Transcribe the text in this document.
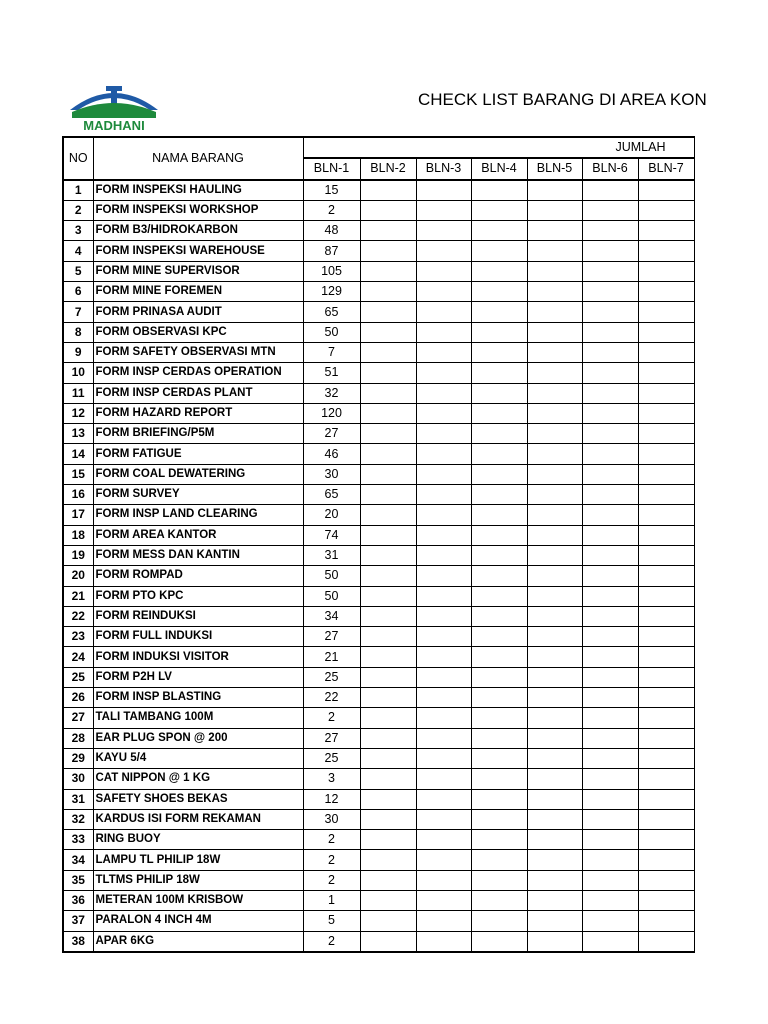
MADHANI
CHECK LIST BARANG DI AREA KON
NO	NAMA BARANG	JUMLAH						
		BLN-1	BLN-2	BLN-3	BLN-4	BLN-5	BLN-6	BLN-7
1	FORM INSPEKSI HAULING	15						
2	FORM INSPEKSI WORKSHOP	2						
3	FORM B3/HIDROKARBON	48						
4	FORM INSPEKSI WAREHOUSE	87						
5	FORM MINE SUPERVISOR	105						
6	FORM MINE FOREMEN	129						
7	FORM PRINASA AUDIT	65						
8	FORM OBSERVASI KPC	50						
9	FORM SAFETY OBSERVASI MTN	7						
10	FORM INSP CERDAS OPERATION	51						
11	FORM INSP CERDAS PLANT	32						
12	FORM HAZARD REPORT	120						
13	FORM BRIEFING/P5M	27						
14	FORM FATIGUE	46						
15	FORM COAL DEWATERING	30						
16	FORM SURVEY	65						
17	FORM INSP LAND CLEARING	20						
18	FORM AREA KANTOR	74						
19	FORM MESS DAN KANTIN	31						
20	FORM ROMPAD	50						
21	FORM PTO KPC	50						
22	FORM REINDUKSI	34						
23	FORM FULL INDUKSI	27						
24	FORM INDUKSI VISITOR	21						
25	FORM P2H LV	25						
26	FORM INSP BLASTING	22						
27	TALI TAMBANG 100M	2						
28	EAR PLUG SPON @ 200	27						
29	KAYU 5/4	25						
30	CAT NIPPON @ 1 KG	3						
31	SAFETY SHOES BEKAS	12						
32	KARDUS ISI FORM REKAMAN	30						
33	RING BUOY	2						
34	LAMPU TL PHILIP 18W	2						
35	TLTMS PHILIP 18W	2						
36	METERAN 100M KRISBOW	1						
37	PARALON 4 INCH 4M	5						
38	APAR 6KG	2						
